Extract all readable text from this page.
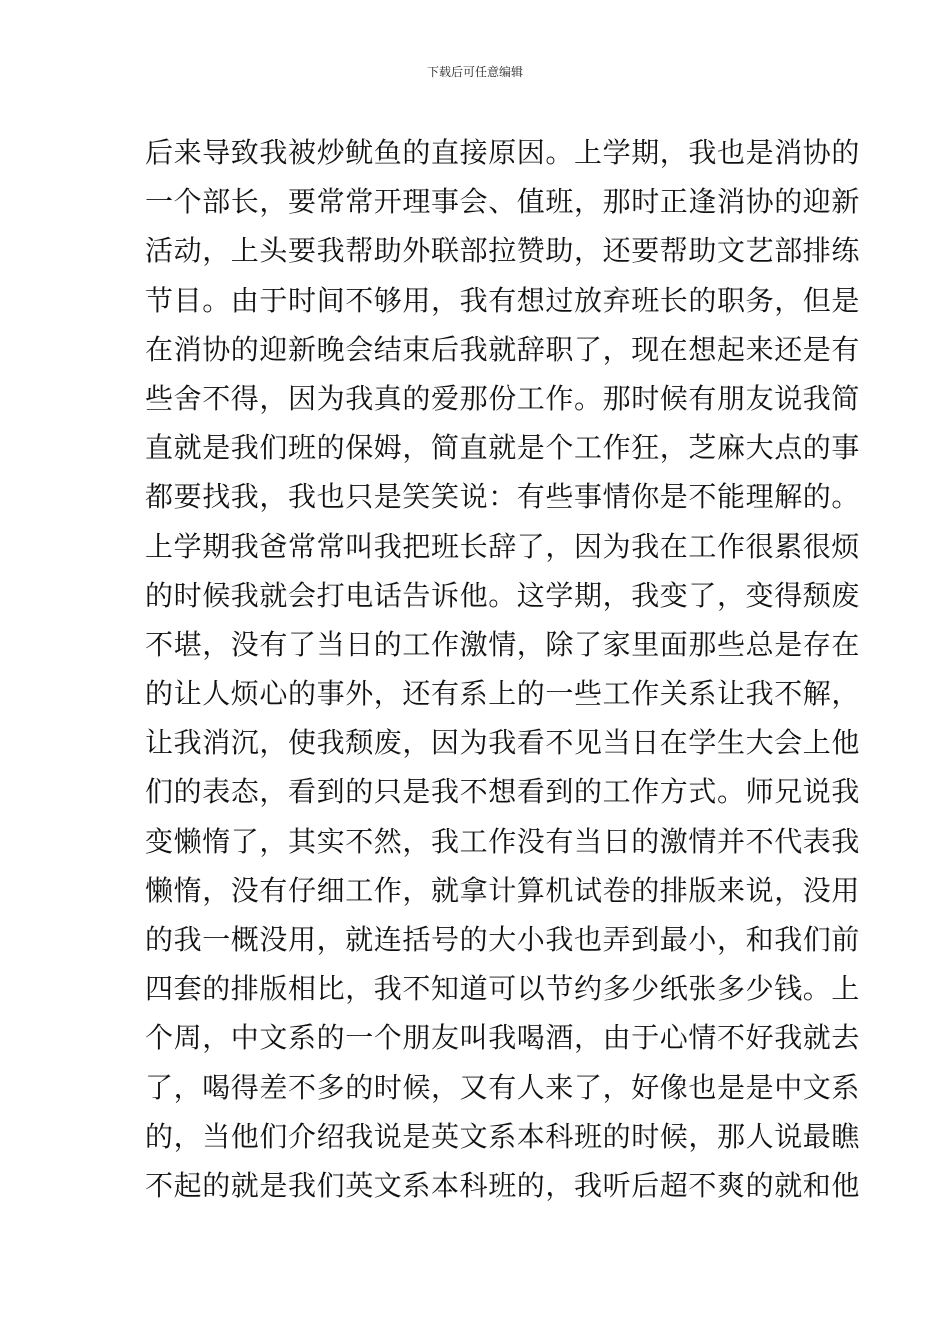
下载后可任意编辑
后来导致我被炒鱿鱼的直接原因。上学期，我也是消协的
一个部长，要常常开理事会、值班，那时正逢消协的迎新
活动，上头要我帮助外联部拉赞助，还要帮助文艺部排练
节目。由于时间不够用，我有想过放弃班长的职务，但是
在消协的迎新晚会结束后我就辞职了，现在想起来还是有
些舍不得，因为我真的爱那份工作。那时候有朋友说我简
直就是我们班的保姆，简直就是个工作狂，芝麻大点的事
都要找我，我也只是笑笑说：有些事情你是不能理解的。
上学期我爸常常叫我把班长辞了，因为我在工作很累很烦
的时候我就会打电话告诉他。这学期，我变了，变得颓废
不堪，没有了当日的工作激情，除了家里面那些总是存在
的让人烦心的事外，还有系上的一些工作关系让我不解，
让我消沉，使我颓废，因为我看不见当日在学生大会上他
们的表态，看到的只是我不想看到的工作方式。师兄说我
变懒惰了，其实不然，我工作没有当日的激情并不代表我
懒惰，没有仔细工作，就拿计算机试卷的排版来说，没用
的我一概没用，就连括号的大小我也弄到最小，和我们前
四套的排版相比，我不知道可以节约多少纸张多少钱。上
个周，中文系的一个朋友叫我喝酒，由于心情不好我就去
了，喝得差不多的时候，又有人来了，好像也是是中文系
的，当他们介绍我说是英文系本科班的时候，那人说最瞧
不起的就是我们英文系本科班的，我听后超不爽的就和他
